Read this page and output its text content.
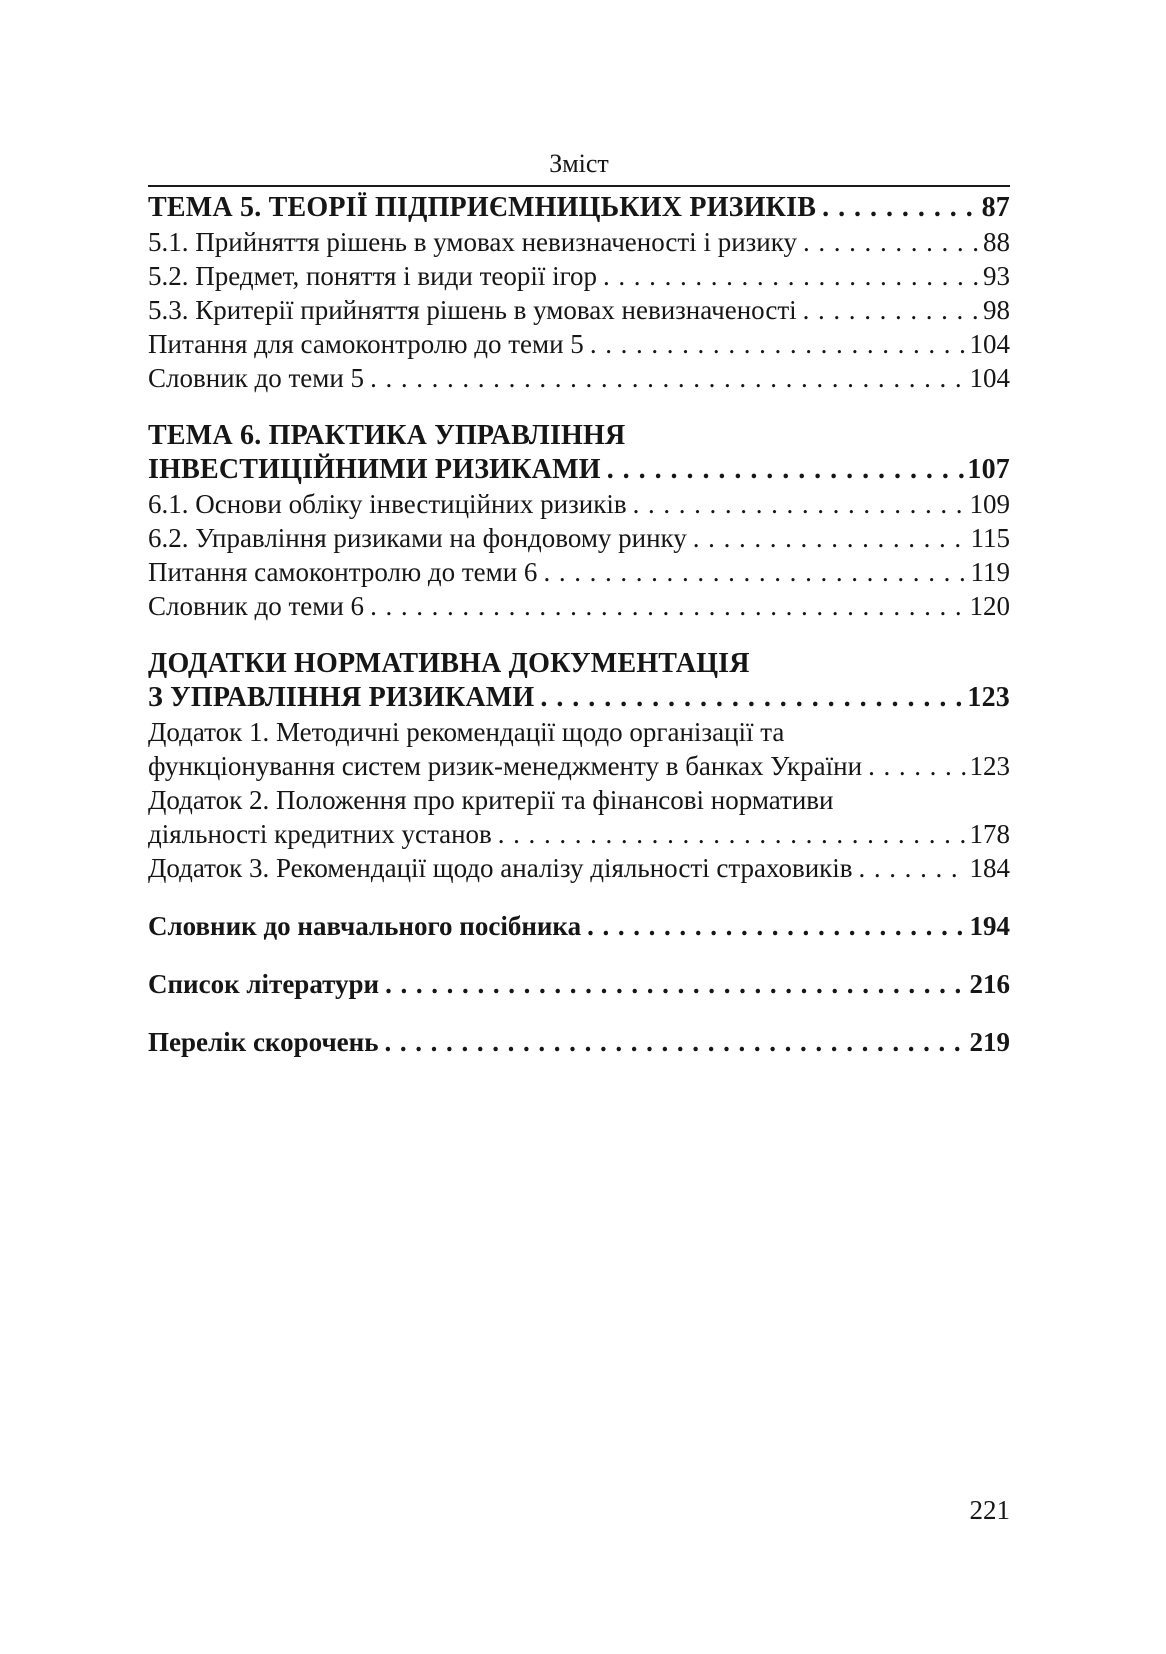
Зміст
ТЕМА 5. ТЕОРІЇ ПІДПРИЄМНИЦЬКИХ РИЗИКІВ .....	87
5.1. Прийняття рішень в умовах невизначеності і ризику .....	88
5.2. Предмет, поняття і види теорії ігор .....	93
5.3. Критерії прийняття рішень в умовах невизначеності .....	98
Питання для самоконтролю до теми 5 .....	104
Словник до теми 5 .....	104
ТЕМА 6. ПРАКТИКА УПРАВЛІННЯ
ІНВЕСТИЦІЙНИМИ РИЗИКАМИ .....	107
6.1. Основи обліку інвестиційних ризиків .....	109
6.2. Управління ризиками на фондовому ринку .....	115
Питання самоконтролю до теми 6 .....	119
Словник до теми 6 .....	120
ДОДАТКИ НОРМАТИВНА ДОКУМЕНТАЦІЯ
З УПРАВЛІННЯ РИЗИКАМИ .....	123
Додаток 1. Методичні рекомендації щодо організації та
функціонування систем ризик-менеджменту в банках України .....	123
Додаток 2. Положення про критерії та фінансові нормативи
діяльності кредитних установ .....	178
Додаток 3. Рекомендації щодо аналізу діяльності страховиків .....	184
Словник до навчального посібника .....	194
Список літератури .....	216
Перелік скорочень .....	219
221
